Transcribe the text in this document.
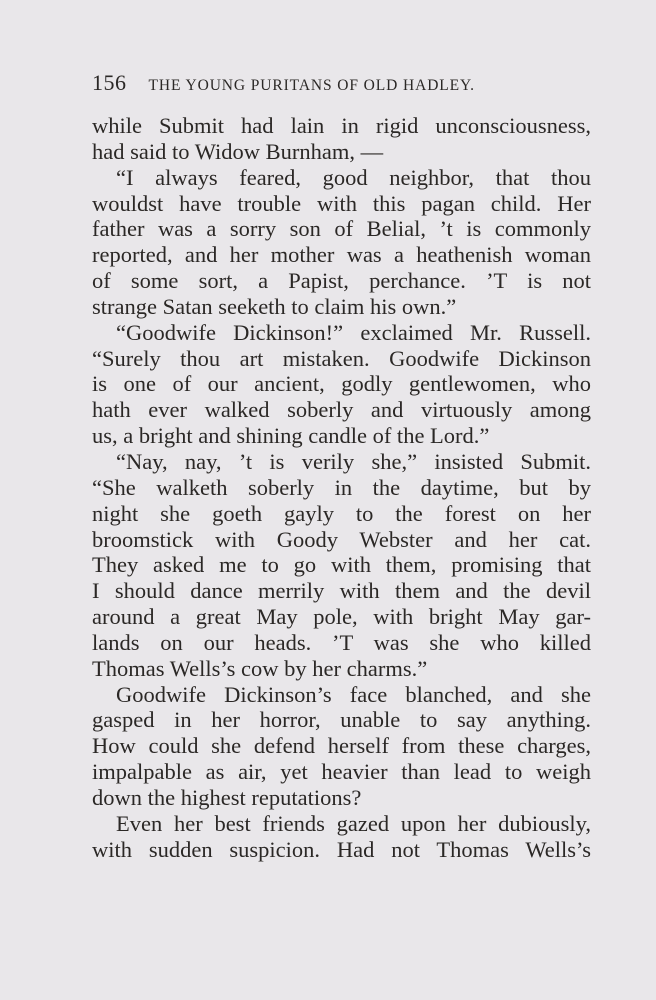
156 THE YOUNG PURITANS OF OLD HADLEY.
while Submit had lain in rigid unconsciousness,
had said to Widow Burnham, —
“I always feared, good neighbor, that thou
wouldst have trouble with this pagan child. Her
father was a sorry son of Belial, ’t is commonly
reported, and her mother was a heathenish woman
of some sort, a Papist, perchance. ’T is not
strange Satan seeketh to claim his own.”
“Goodwife Dickinson!” exclaimed Mr. Russell.
“Surely thou art mistaken. Goodwife Dickinson
is one of our ancient, godly gentlewomen, who
hath ever walked soberly and virtuously among
us, a bright and shining candle of the Lord.”
“Nay, nay, ’t is verily she,” insisted Submit.
“She walketh soberly in the daytime, but by
night she goeth gayly to the forest on her
broomstick with Goody Webster and her cat.
They asked me to go with them, promising that
I should dance merrily with them and the devil
around a great May pole, with bright May gar-
lands on our heads. ’T was she who killed
Thomas Wells’s cow by her charms.”
Goodwife Dickinson’s face blanched, and she
gasped in her horror, unable to say anything.
How could she defend herself from these charges,
impalpable as air, yet heavier than lead to weigh
down the highest reputations?
Even her best friends gazed upon her dubiously,
with sudden suspicion. Had not Thomas Wells’s
